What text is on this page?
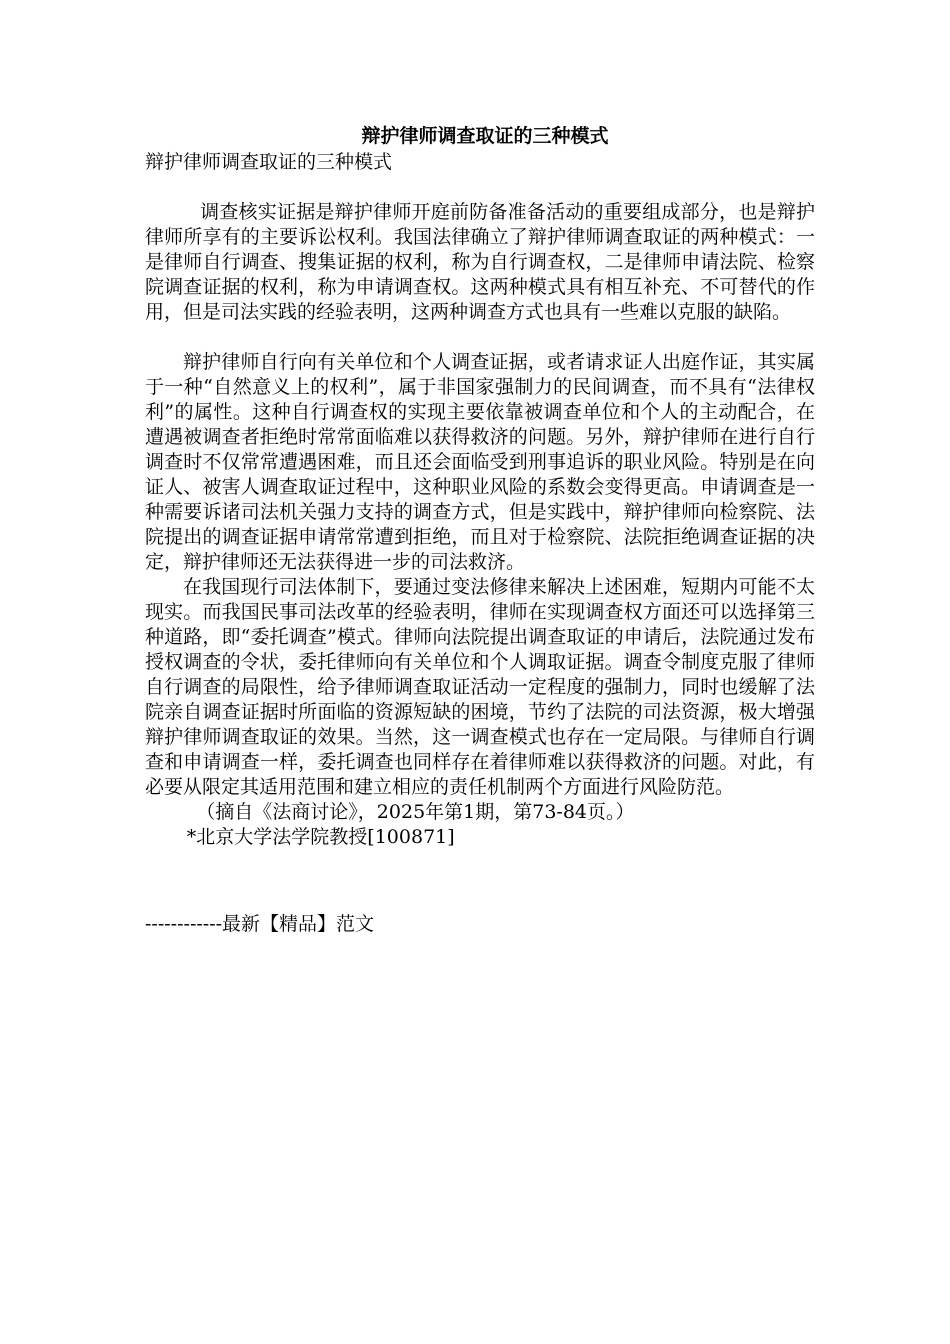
辩护律师调查取证的三种模式

辩护律师调查取证的三种模式

调查核实证据是辩护律师开庭前防备准备活动的重要组成部分，也是辩护律师所享有的主要诉讼权利。我国法律确立了辩护律师调查取证的两种模式：一是律师自行调查、搜集证据的权利，称为自行调查权，二是律师申请法院、检察院调查证据的权利，称为申请调查权。这两种模式具有相互补充、不可替代的作用，但是司法实践的经验表明，这两种调查方式也具有一些难以克服的缺陷。

辩护律师自行向有关单位和个人调查证据，或者请求证人出庭作证，其实属于一种“自然意义上的权利”，属于非国家强制力的民间调查，而不具有“法律权利”的属性。这种自行调查权的实现主要依靠被调查单位和个人的主动配合，在遭遇被调查者拒绝时常常面临难以获得救济的问题。另外，辩护律师在进行自行调查时不仅常常遭遇困难，而且还会面临受到刑事追诉的职业风险。特别是在向证人、被害人调查取证过程中，这种职业风险的系数会变得更高。申请调查是一种需要诉诸司法机关强力支持的调查方式，但是实践中，辩护律师向检察院、法院提出的调查证据申请常常遭到拒绝，而且对于检察院、法院拒绝调查证据的决定，辩护律师还无法获得进一步的司法救济。

在我国现行司法体制下，要通过变法修律来解决上述困难，短期内可能不太现实。而我国民事司法改革的经验表明，律师在实现调查权方面还可以选择第三种道路，即“委托调查”模式。律师向法院提出调查取证的申请后，法院通过发布授权调查的令状，委托律师向有关单位和个人调取证据。调查令制度克服了律师自行调查的局限性，给予律师调查取证活动一定程度的强制力，同时也缓解了法院亲自调查证据时所面临的资源短缺的困境，节约了法院的司法资源，极大增强辩护律师调查取证的效果。当然，这一调查模式也存在一定局限。与律师自行调查和申请调查一样，委托调查也同样存在着律师难以获得救济的问题。对此，有必要从限定其适用范围和建立相应的责任机制两个方面进行风险防范。

（摘自《法商讨论》，2025年第1期，第73-84页。）

*北京大学法学院教授[100871]

------------最新【精品】范文
